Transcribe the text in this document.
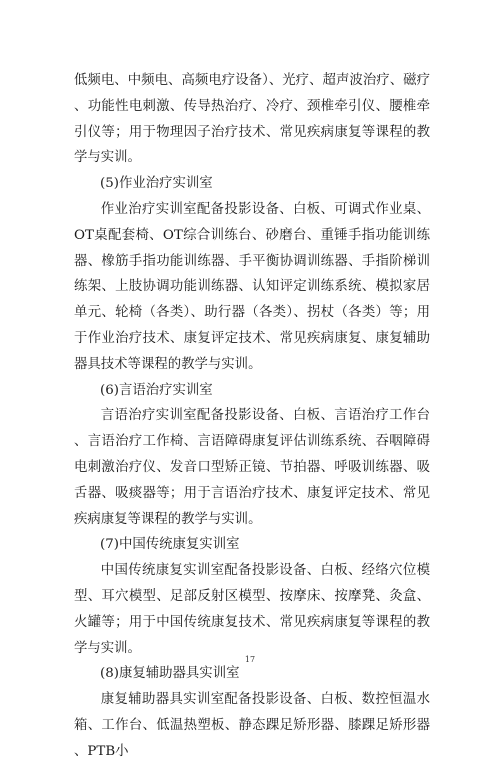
低频电、中频电、高频电疗设备）、光疗、超声波治疗、磁疗、功能性电刺激、传导热治疗、冷疗、颈椎牵引仪、腰椎牵引仪等；用于物理因子治疗技术、常见疾病康复等课程的教学与实训。

(5)作业治疗实训室

作业治疗实训室配备投影设备、白板、可调式作业桌、OT桌配套椅、OT综合训练台、砂磨台、重锤手指功能训练器、橡筋手指功能训练器、手平衡协调训练器、手指阶梯训练架、上肢协调功能训练器、认知评定训练系统、模拟家居单元、轮椅（各类）、助行器（各类）、拐杖（各类）等；用于作业治疗技术、康复评定技术、常见疾病康复、康复辅助器具技术等课程的教学与实训。

(6)言语治疗实训室

言语治疗实训室配备投影设备、白板、言语治疗工作台、言语治疗工作椅、言语障碍康复评估训练系统、吞咽障碍电刺激治疗仪、发音口型矫正镜、节拍器、呼吸训练器、吸舌器、吸痰器等；用于言语治疗技术、康复评定技术、常见疾病康复等课程的教学与实训。

(7)中国传统康复实训室

中国传统康复实训室配备投影设备、白板、经络穴位模型、耳穴模型、足部反射区模型、按摩床、按摩凳、灸盒、火罐等；用于中国传统康复技术、常见疾病康复等课程的教学与实训。

(8)康复辅助器具实训室

康复辅助器具实训室配备投影设备、白板、数控恒温水箱、工作台、低温热塑板、静态踝足矫形器、膝踝足矫形器、PTB小

17
